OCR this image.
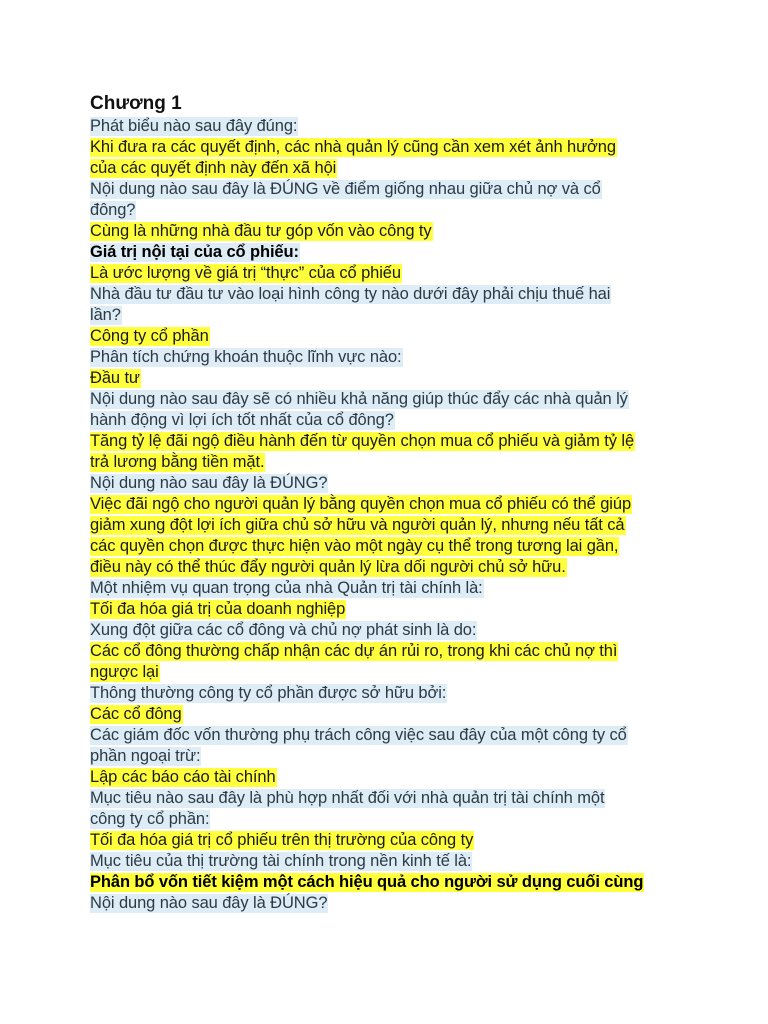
Chương 1
Phát biểu nào sau đây đúng:
Khi đưa ra các quyết định, các nhà quản lý cũng cần xem xét ảnh hưởng
của các quyết định này đến xã hội
Nội dung nào sau đây là ĐÚNG về điểm giống nhau giữa chủ nợ và cổ
đông?
Cùng là những nhà đầu tư góp vốn vào công ty
Giá trị nội tại của cổ phiếu:
Là ước lượng về giá trị “thực” của cổ phiếu
Nhà đầu tư đầu tư vào loại hình công ty nào dưới đây phải chịu thuế hai
lần?
Công ty cổ phần
Phân tích chứng khoán thuộc lĩnh vực nào:
Đầu tư
Nội dung nào sau đây sẽ có nhiều khả năng giúp thúc đẩy các nhà quản lý
hành động vì lợi ích tốt nhất của cổ đông?
Tăng tỷ lệ đãi ngộ điều hành đến từ quyền chọn mua cổ phiếu và giảm tỷ lệ
trả lương bằng tiền mặt.
Nội dung nào sau đây là ĐÚNG?
Việc đãi ngộ cho người quản lý bằng quyền chọn mua cổ phiếu có thể giúp
giảm xung đột lợi ích giữa chủ sở hữu và người quản lý, nhưng nếu tất cả
các quyền chọn được thực hiện vào một ngày cụ thể trong tương lai gần,
điều này có thể thúc đẩy người quản lý lừa dối người chủ sở hữu.
Một nhiệm vụ quan trọng của nhà Quản trị tài chính là:
Tối đa hóa giá trị của doanh nghiệp
Xung đột giữa các cổ đông và chủ nợ phát sinh là do:
Các cổ đông thường chấp nhận các dự án rủi ro, trong khi các chủ nợ thì
ngược lại
Thông thường công ty cổ phần được sở hữu bởi:
Các cổ đông
Các giám đốc vốn thường phụ trách công việc sau đây của một công ty cổ
phần ngoại trừ:
Lập các báo cáo tài chính
Mục tiêu nào sau đây là phù hợp nhất đối với nhà quản trị tài chính một
công ty cổ phần:
Tối đa hóa giá trị cổ phiếu trên thị trường của công ty
Mục tiêu của thị trường tài chính trong nền kinh tế là:
Phân bổ vốn tiết kiệm một cách hiệu quả cho người sử dụng cuối cùng
Nội dung nào sau đây là ĐÚNG?
